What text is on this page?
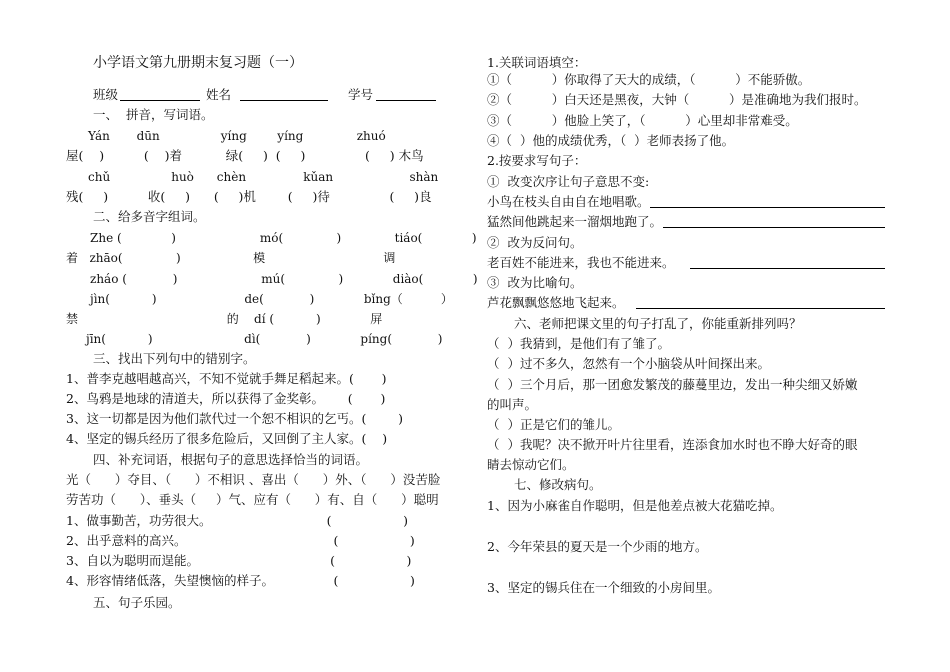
小学语文第九册期末复习题（一）
班级	姓名	学号
一、  拼音，写词语。
Yán       dūn                yíng        yíng              zhuó
屋(    )          (    )着           绿(     )  (     )               (     ) 木鸟
chǔ                huò      chèn               kǔan                    shàn
残(     )          收(     )      (     )机        (     )待               (     )良
二、给多音字组词。
Zhe (             )                      mó(              )              tiáo(             )
着   zhāo(              )                   模                               调
zháo (            )                      mú(              )             diào(             )
jìn(           )                       de(            )             bǐng（          ）
禁                                       的    dí (           )             屏
jīn(           )                        dì(            )             píng(            )
三、找出下列句中的错别字。
1、普李克越唱越高兴，不知不觉就手舞足稻起来。(       )
2、鸟鸦是地球的清道夫，所以获得了金奖彰。      (       )
3、这一切都是因为他们款代过一个恕不相识的乞丐。(        )
4、坚定的锡兵经历了很多危险后，又回倒了主人家。(    )
四、补充词语，根据句子的意思选择恰当的词语。
光（      ）夺目、（      ）不相识 、喜出（      ）外、（      ）没苦脸
劳苦功（      ）、垂头（     ）气、应有（      ）有、自（      ）聪明
1、做事勤苦，功劳很大。                             (                  )
2、出乎意料的高兴。                                     (                  )
3、自以为聪明而逞能。                                 (                  )
4、形容情绪低落，失望懊恼的样子。               (                  )
五、句子乐园。
1.关联词语填空：
①（          ）你取得了天大的成绩，（          ）不能骄傲。
②（          ）白天还是黑夜，大钟（          ）是准确地为我们报时。
③（          ）他脸上笑了，（          ）心里却非常难受。
④（  ）他的成绩优秀，（  ）老师表扬了他。
2.按要求写句子：
①  改变次序让句子意思不变:
小鸟在枝头自由自在地唱歌。
猛然间他跳起来一溜烟地跑了。
②  改为反问句。
老百姓不能进来，我也不能进来。
③  改为比喻句。
芦花飘飘悠悠地飞起来。
六、老师把课文里的句子打乱了，你能重新排列吗？
（  ）我猜到，是他们有了雏了。
（  ）过不多久，忽然有一个小脑袋从叶间探出来。
（  ）三个月后，那一团愈发繁茂的藤蔓里边，发出一种尖细又娇嫩
的叫声。
（  ）正是它们的雏儿。
（  ）我呢？决不掀开叶片往里看，连添食加水时也不睁大好奇的眼
睛去惊动它们。
七、修改病句。
1、因为小麻雀自作聪明，但是他差点被大花猫吃掉。
2、今年荣县的夏天是一个少雨的地方。
3、坚定的锡兵住在一个细致的小房间里。
